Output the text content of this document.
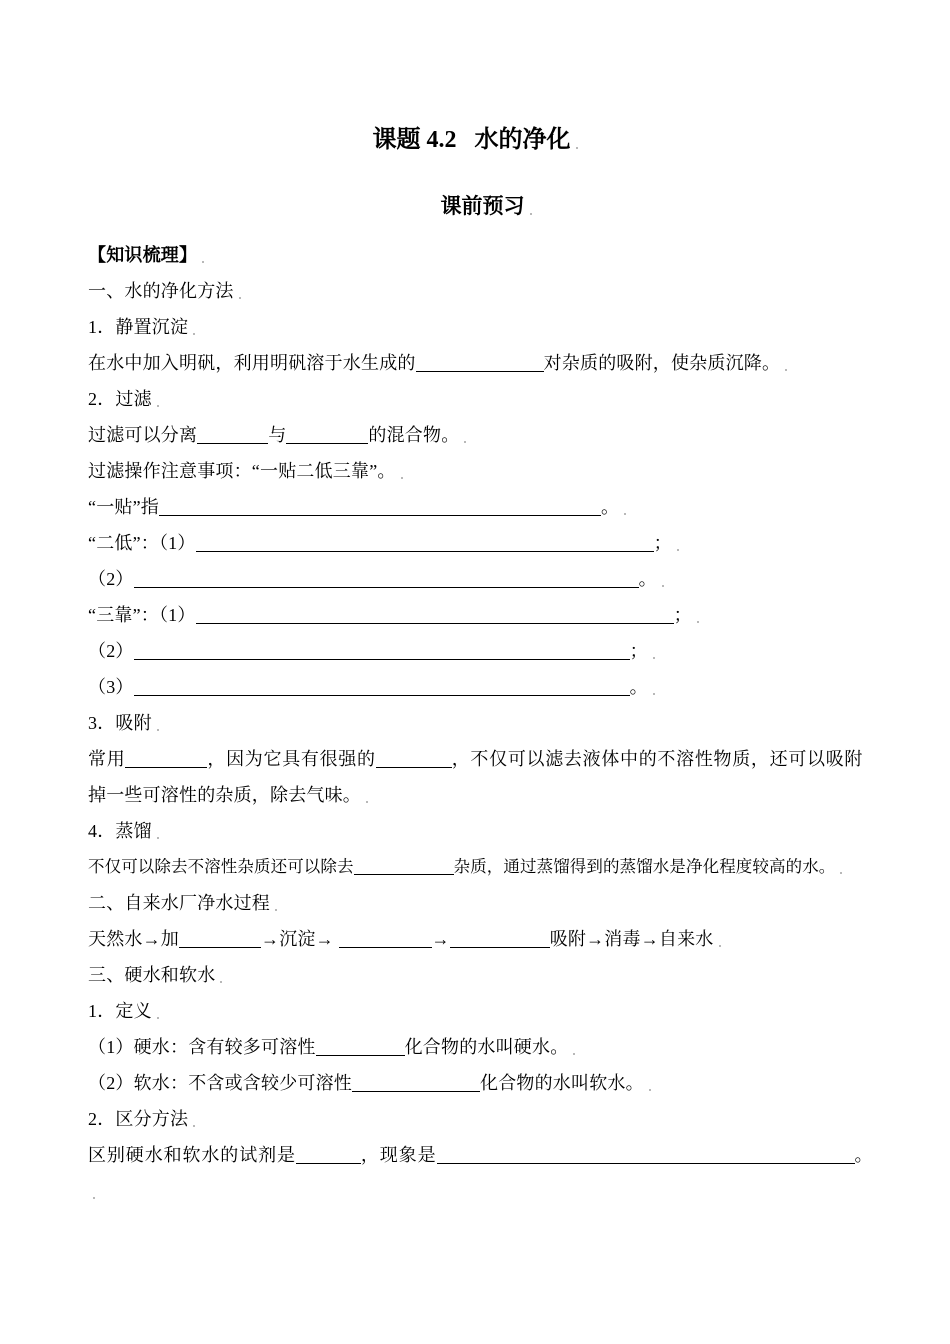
课题 4.2   水的净化
课前预习
【知识梳理】
一、水的净化方法
1．静置沉淀
在水中加入明矾，利用明矾溶于水生成的	对杂质的吸附，使杂质沉降。
2．过滤
过滤可以分离	与	的混合物。
过滤操作注意事项：“一贴二低三靠”。
“一贴”指	。
“二低”：（1）	；
（2）	。
“三靠”：（1）	；
（2）	；
（3）	。
3．吸附
常用	，因为它具有很强的	，不仅可以滤去液体中的不溶性物质，还可以吸附
掉一些可溶性的杂质，除去气味。
4．蒸馏
不仅可以除去不溶性杂质还可以除去	杂质，通过蒸馏得到的蒸馏水是净化程度较高的水。
二、自来水厂净水过程
天然水→加	→沉淀→	→	吸附→消毒→自来水
三、硬水和软水
1．定义
（1）硬水：含有较多可溶性	化合物的水叫硬水。
（2）软水：不含或含较少可溶性	化合物的水叫软水。
2．区分方法
区别硬水和软水的试剂是	，现象是	。
